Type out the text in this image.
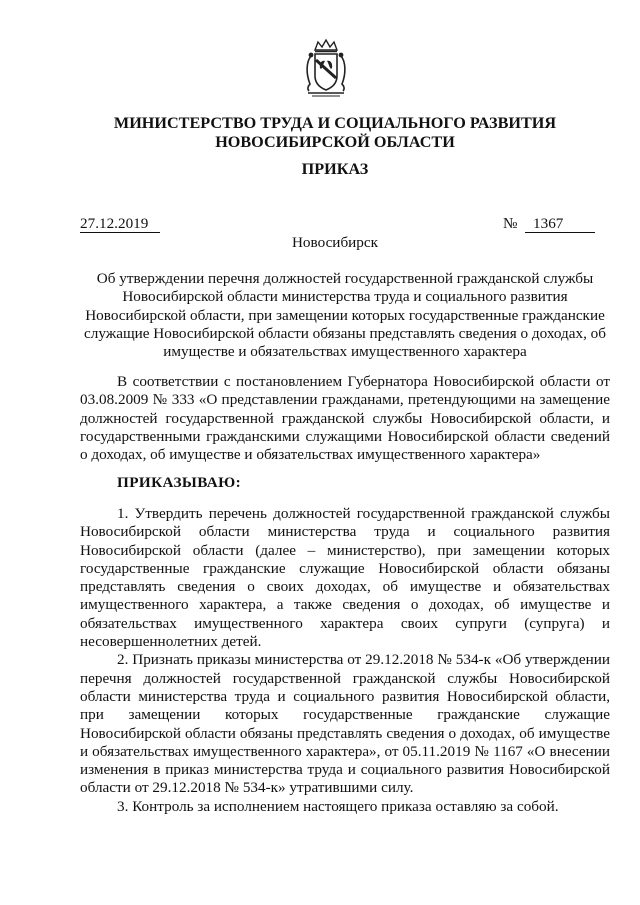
МИНИСТЕРСТВО ТРУДА И СОЦИАЛЬНОГО РАЗВИТИЯ
НОВОСИБИРСКОЙ ОБЛАСТИ
ПРИКАЗ
27.12.2019	№ 1367
Новосибирск
Об утверждении перечня должностей государственной гражданской службы Новосибирской области министерства труда и социального развития Новосибирской области, при замещении которых государственные гражданские служащие Новосибирской области обязаны представлять сведения о доходах, об имуществе и обязательствах имущественного характера
В соответствии с постановлением Губернатора Новосибирской области от 03.08.2009 № 333 «О представлении гражданами, претендующими на замещение должностей государственной гражданской службы Новосибирской области, и государственными гражданскими служащими Новосибирской области сведений о доходах, об имуществе и обязательствах имущественного характера»
ПРИКАЗЫВАЮ:

1. Утвердить перечень должностей государственной гражданской службы Новосибирской области министерства труда и социального развития Новосибирской области (далее – министерство), при замещении которых государственные гражданские служащие Новосибирской области обязаны представлять сведения о своих доходах, об имуществе и обязательствах имущественного характера, а также сведения о доходах, об имуществе и обязательствах имущественного характера своих супруги (супруга) и несовершеннолетних детей.

2. Признать приказы министерства от 29.12.2018 № 534-к «Об утверждении перечня должностей государственной гражданской службы Новосибирской области министерства труда и социального развития Новосибирской области, при замещении которых государственные гражданские служащие Новосибирской области обязаны представлять сведения о доходах, об имуществе и обязательствах имущественного характера», от 05.11.2019 № 1167 «О внесении изменения в приказ министерства труда и социального развития Новосибирской области от 29.12.2018 № 534-к» утратившими силу.

3. Контроль за исполнением настоящего приказа оставляю за собой.
